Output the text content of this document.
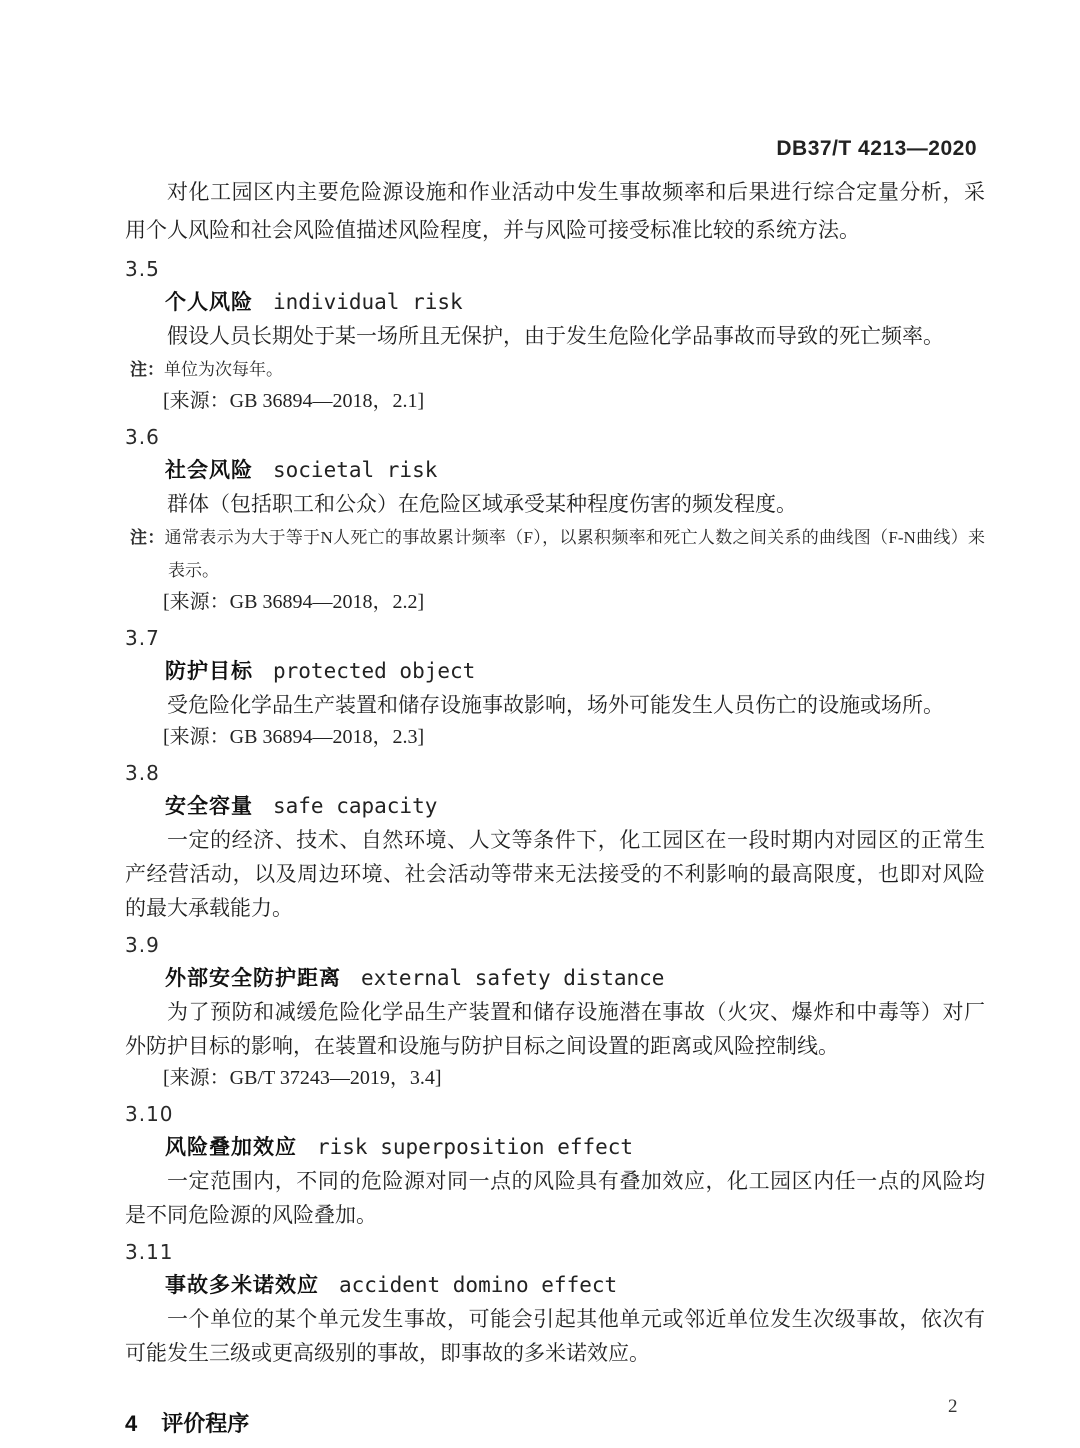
DB37/T 4213—2020

对化工园区内主要危险源设施和作业活动中发生事故频率和后果进行综合定量分析，采用个人风险和社会风险值描述风险程度，并与风险可接受标准比较的系统方法。

3.5
个人风险 individual risk

假设人员长期处于某一场所且无保护，由于发生危险化学品事故而导致的死亡频率。

注：单位为次每年。

[来源：GB 36894—2018，2.1]

3.6
社会风险 societal risk

群体（包括职工和公众）在危险区域承受某种程度伤害的频发程度。

注：通常表示为大于等于N人死亡的事故累计频率（F），以累积频率和死亡人数之间关系的曲线图（F-N曲线）来表示。

[来源：GB 36894—2018，2.2]

3.7
防护目标 protected object

受危险化学品生产装置和储存设施事故影响，场外可能发生人员伤亡的设施或场所。

[来源：GB 36894—2018，2.3]

3.8
安全容量 safe capacity

一定的经济、技术、自然环境、人文等条件下，化工园区在一段时期内对园区的正常生产经营活动，以及周边环境、社会活动等带来无法接受的不利影响的最高限度，也即对风险的最大承载能力。

3.9
外部安全防护距离 external safety distance

为了预防和减缓危险化学品生产装置和储存设施潜在事故（火灾、爆炸和中毒等）对厂外防护目标的影响，在装置和设施与防护目标之间设置的距离或风险控制线。

[来源：GB/T 37243—2019，3.4]

3.10
风险叠加效应 risk superposition effect

一定范围内，不同的危险源对同一点的风险具有叠加效应，化工园区内任一点的风险均是不同危险源的风险叠加。

3.11
事故多米诺效应 accident domino effect

一个单位的某个单元发生事故，可能会引起其他单元或邻近单位发生次级事故，依次有可能发生三级或更高级别的事故，即事故的多米诺效应。

4 评价程序
2
